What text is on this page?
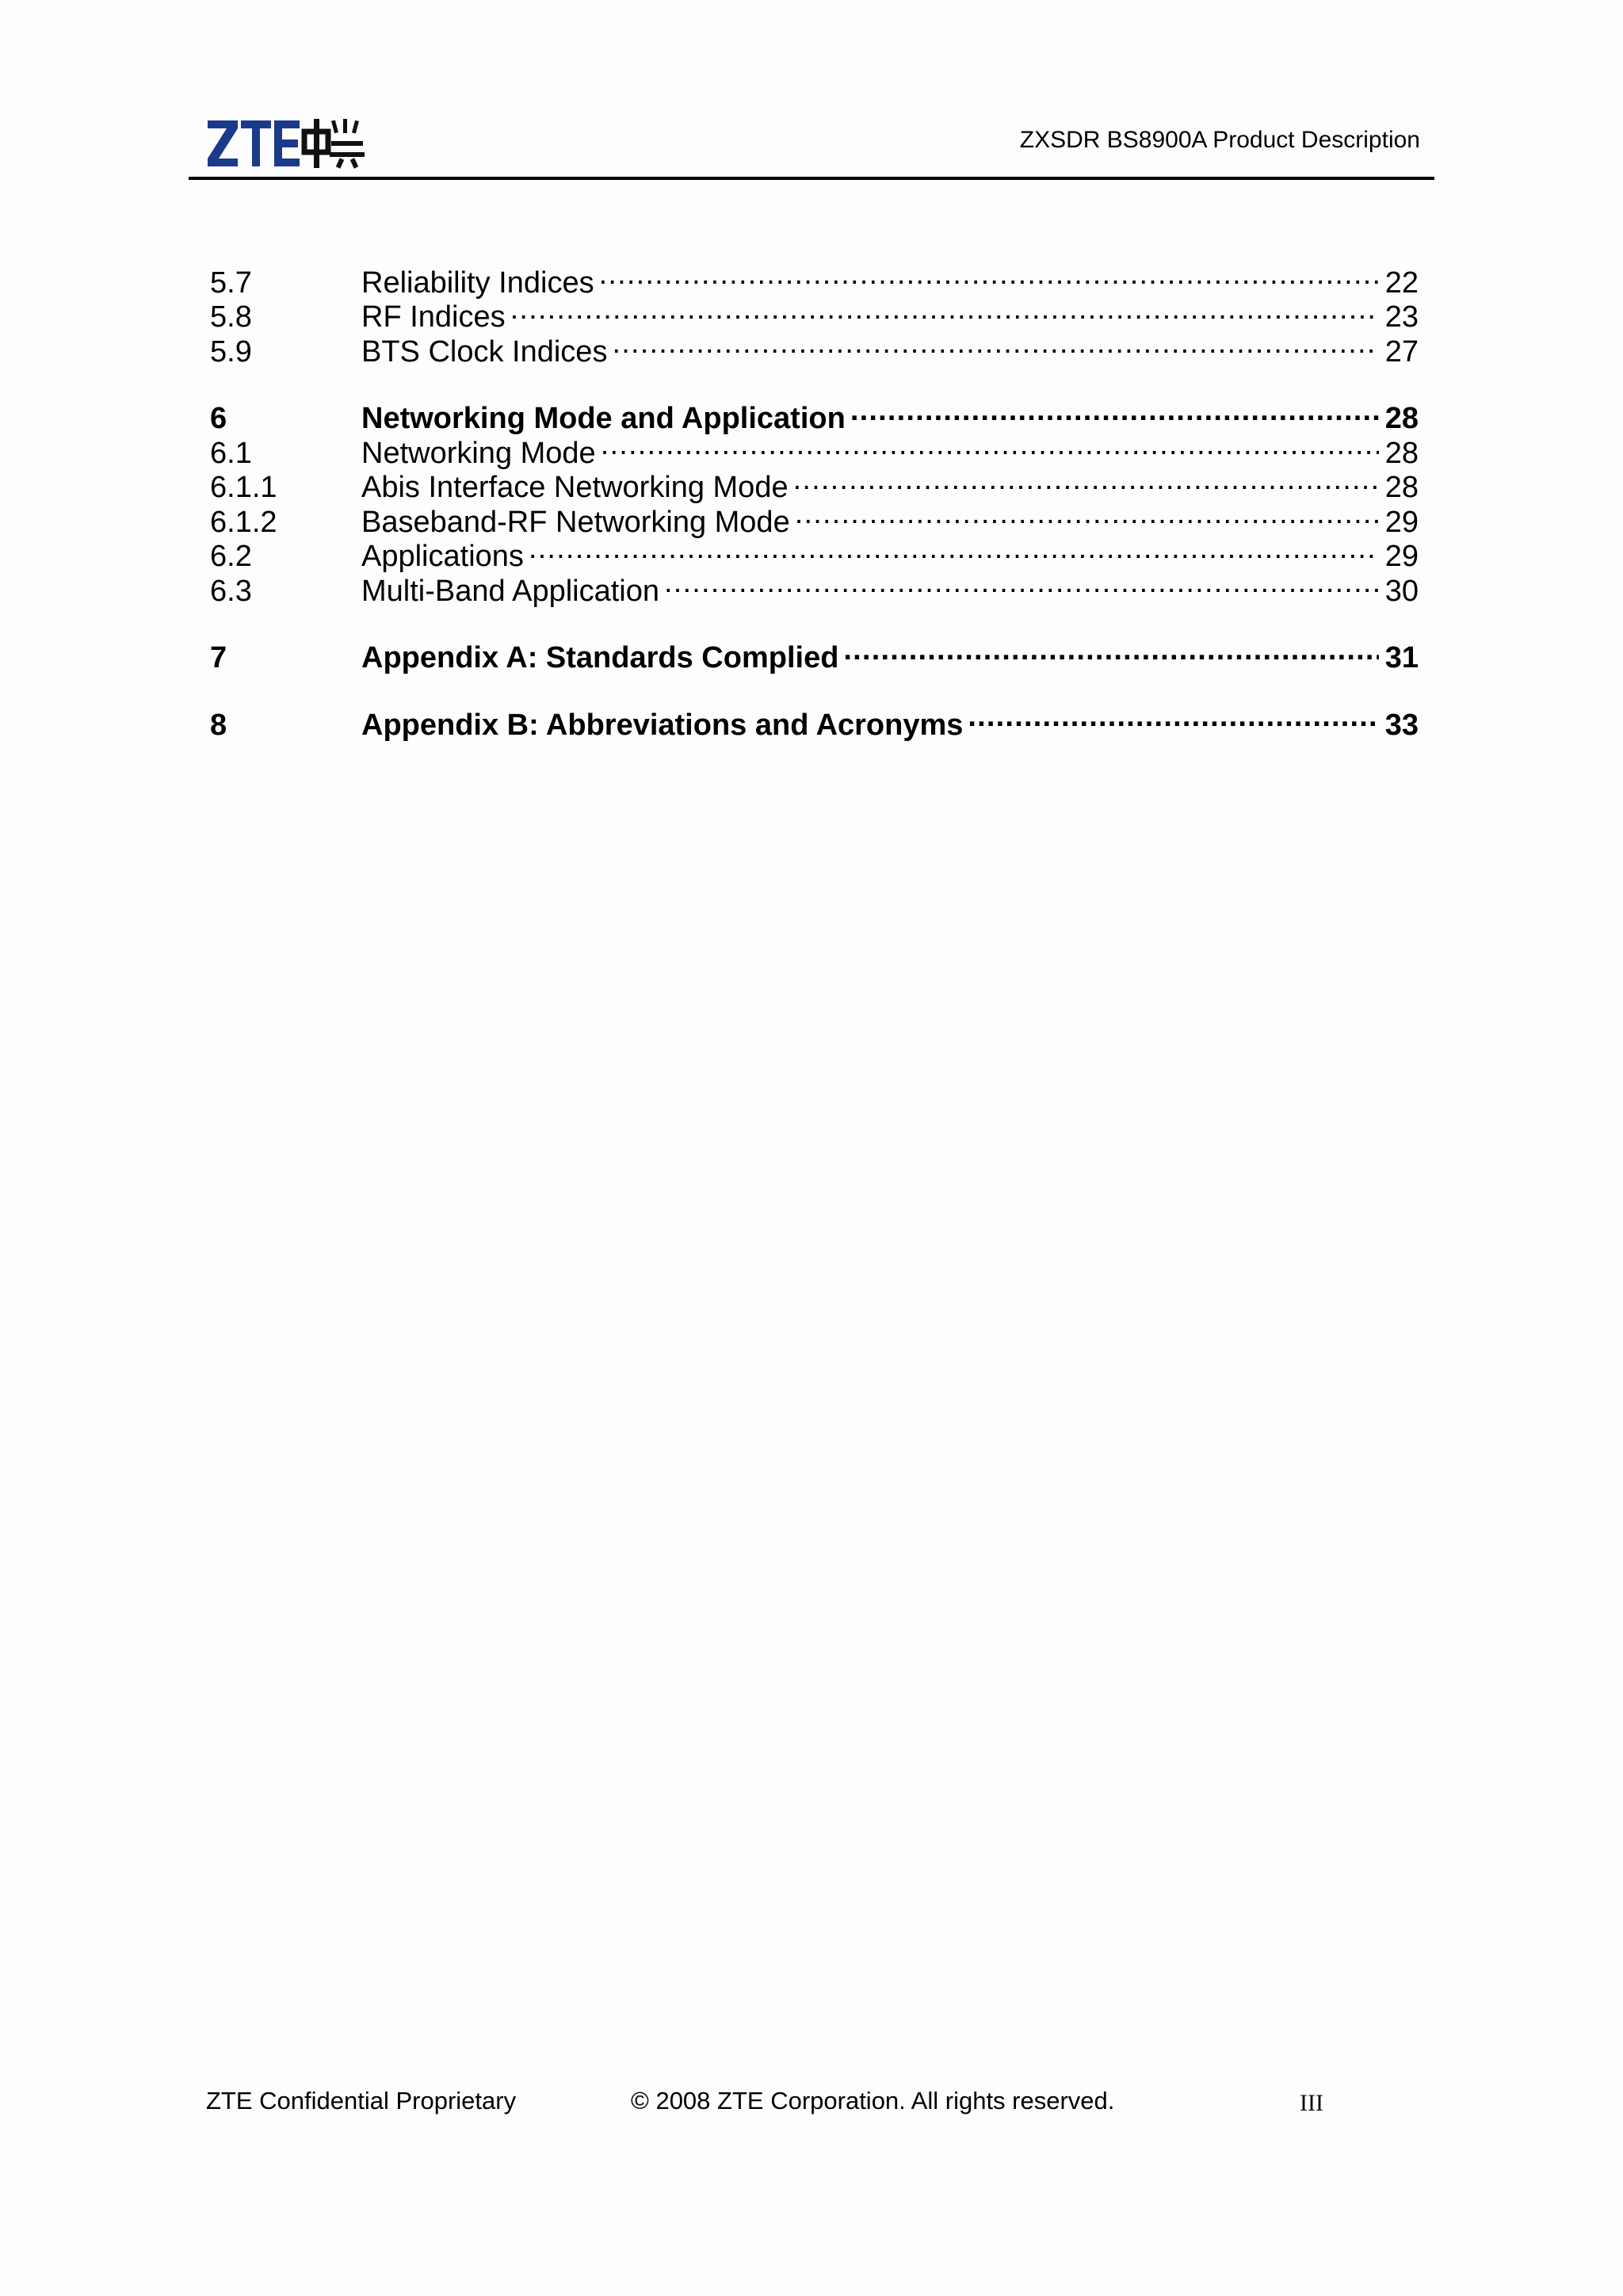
ZXSDR BS8900A Product Description
5.7	Reliability Indices .....	22
5.8	RF Indices .....	23
5.9	BTS Clock Indices .....	27
6	Networking Mode and Application .....	28
6.1	Networking Mode .....	28
6.1.1	Abis Interface Networking Mode .....	28
6.1.2	Baseband-RF Networking Mode .....	29
6.2	Applications .....	29
6.3	Multi-Band Application .....	30
7	Appendix A: Standards Complied .....	31
8	Appendix B: Abbreviations and Acronyms .....	33
ZTE Confidential Proprietary	© 2008 ZTE Corporation. All rights reserved.	III
